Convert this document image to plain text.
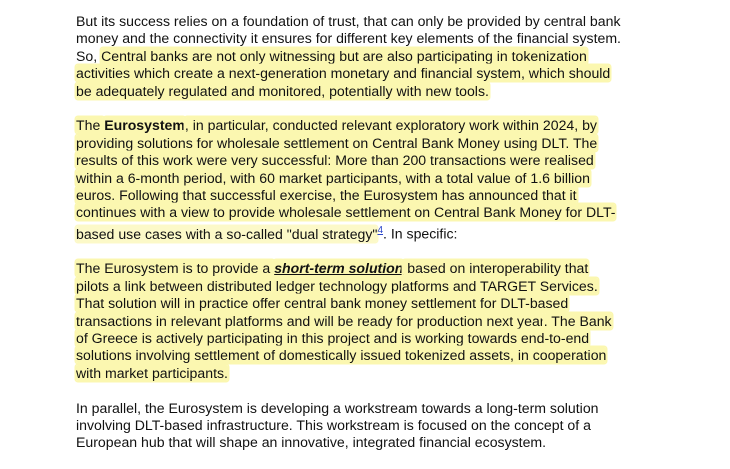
But its success relies on a foundation of trust, that can only be provided by central bank
money and the connectivity it ensures for different key elements of the financial system.
So, Central banks are not only witnessing but are also participating in tokenization
activities which create a next-generation monetary and financial system, which should
be adequately regulated and monitored, potentially with new tools.
The Eurosystem, in particular, conducted relevant exploratory work within 2024, by
providing solutions for wholesale settlement on Central Bank Money using DLT. The
results of this work were very successful: More than 200 transactions were realised
within a 6-month period, with 60 market participants, with a total value of 1.6 billion
euros. Following that successful exercise, the Eurosystem has announced that it
continues with a view to provide wholesale settlement on Central Bank Money for DLT-
based use cases with a so-called "dual strategy"$^4$. In specific:
The Eurosystem is to provide a short-term solution based on interoperability that
pilots a link between distributed ledger technology platforms and TARGET Services.
That solution will in practice offer central bank money settlement for DLT-based
transactions in relevant platforms and will be ready for production next year. The Bank
of Greece is actively participating in this project and is working towards end-to-end
solutions involving settlement of domestically issued tokenized assets, in cooperation
with market participants.
In parallel, the Eurosystem is developing a workstream towards a long-term solution
involving DLT-based infrastructure. This workstream is focused on the concept of a
European hub that will shape an innovative, integrated financial ecosystem.
